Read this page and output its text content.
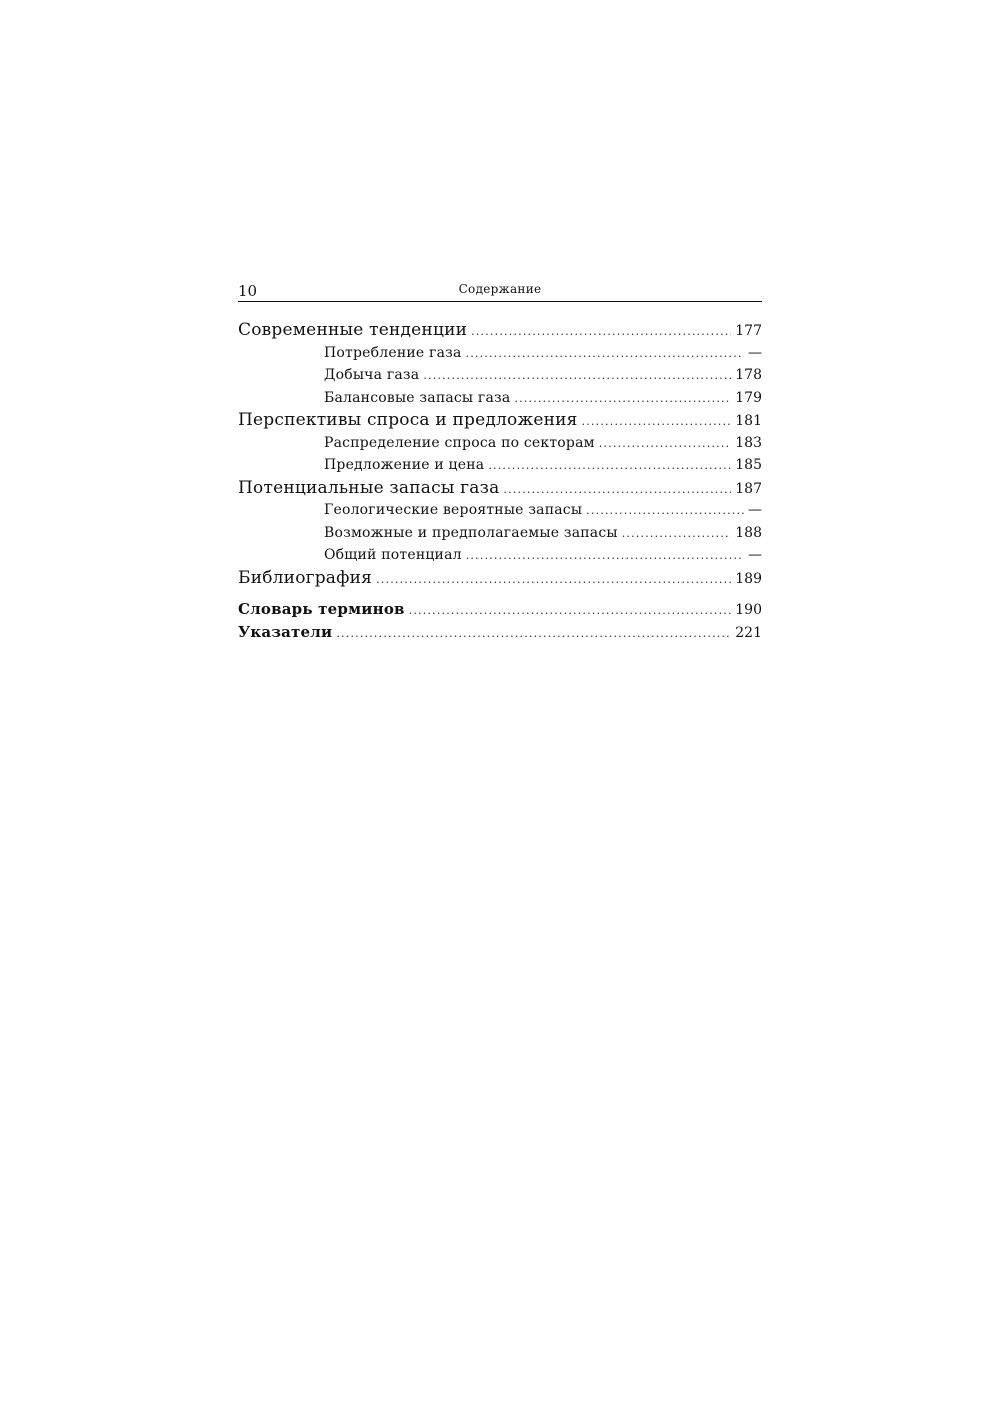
10	Содержание
Современные тенденции .....	177
Потребление газа .....	—
Добыча газа .....	178
Балансовые запасы газа .....	179
Перспективы спроса и предложения .....	181
Распределение спроса по секторам .....	183
Предложение и цена .....	185
Потенциальные запасы газа .....	187
Геологические вероятные запасы .....	—
Возможные и предполагаемые запасы .....	188
Общий потенциал .....	—
Библиография .....	189
Словарь терминов .....	190
Указатели .....	221
